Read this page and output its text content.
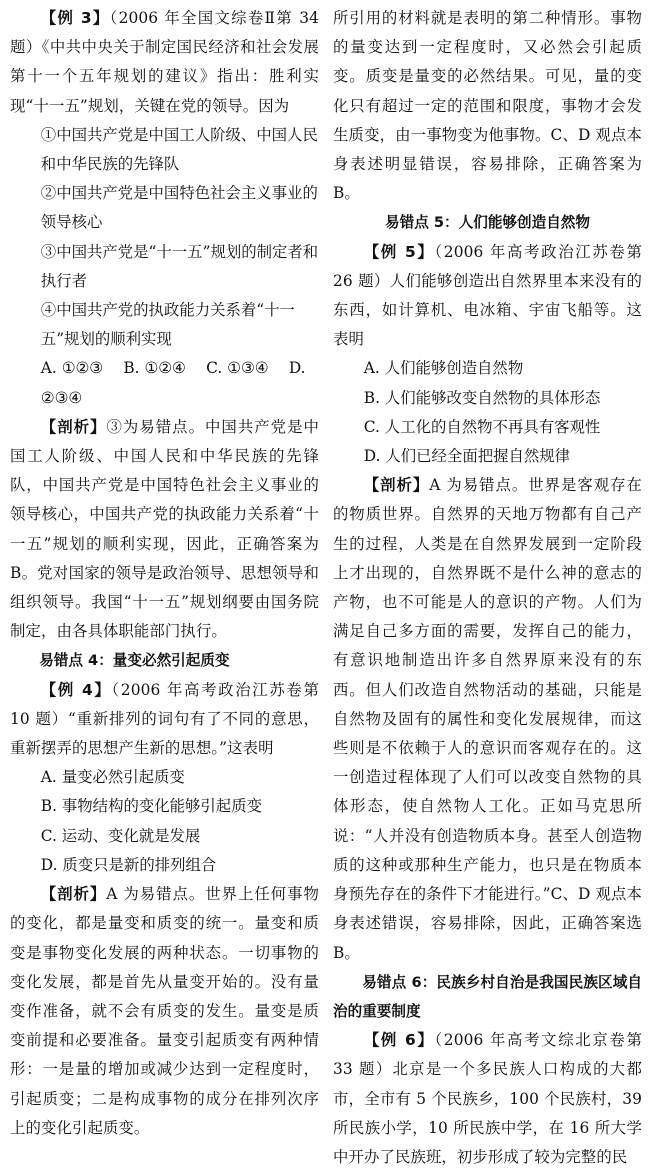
【例 3】（2006 年全国文综卷Ⅱ第 34 题）《中共中央关于制定国民经济和社会发展第十一个五年规划的建议》指出：胜利实现“十一五”规划，关键在党的领导。因为

①中国共产党是中国工人阶级、中国人民和中华民族的先锋队

②中国共产党是中国特色社会主义事业的领导核心

③中国共产党是“十一五”规划的制定者和执行者

④中国共产党的执政能力关系着“十一五”规划的顺利实现

A. ①②③　 B. ①②④　 C. ①③④　 D. ②③④

【剖析】③为易错点。中国共产党是中国工人阶级、中国人民和中华民族的先锋队，中国共产党是中国特色社会主义事业的领导核心，中国共产党的执政能力关系着“十一五”规划的顺利实现，因此，正确答案为 B。党对国家的领导是政治领导、思想领导和组织领导。我国“十一五”规划纲要由国务院制定，由各具体职能部门执行。

易错点 4：量变必然引起质变

【例 4】（2006 年高考政治江苏卷第 10 题）“重新排列的词句有了不同的意思，重新摆弄的思想产生新的思想。”这表明

A. 量变必然引起质变

B. 事物结构的变化能够引起质变

C. 运动、变化就是发展

D. 质变只是新的排列组合

【剖析】A 为易错点。世界上任何事物的变化，都是量变和质变的统一。量变和质变是事物变化发展的两种状态。一切事物的变化发展，都是首先从量变开始的。没有量变作准备，就不会有质变的发生。量变是质变前提和必要准备。量变引起质变有两种情形：一是量的增加或减少达到一定程度时，引起质变；二是构成事物的成分在排列次序上的变化引起质变。

所引用的材料就是表明的第二种情形。事物的量变达到一定程度时，又必然会引起质变。质变是量变的必然结果。可见，量的变化只有超过一定的范围和限度，事物才会发生质变，由一事物变为他事物。C、D 观点本身表述明显错误，容易排除，正确答案为 B。

易错点 5：人们能够创造自然物

【例 5】（2006 年高考政治江苏卷第 26 题）人们能够创造出自然界里本来没有的东西，如计算机、电冰箱、宇宙飞船等。这表明

A. 人们能够创造自然物

B. 人们能够改变自然物的具体形态

C. 人工化的自然物不再具有客观性

D. 人们已经全面把握自然规律

【剖析】A 为易错点。世界是客观存在的物质世界。自然界的天地万物都有自己产生的过程，人类是在自然界发展到一定阶段上才出现的，自然界既不是什么神的意志的产物，也不可能是人的意识的产物。人们为满足自己多方面的需要，发挥自己的能力，有意识地制造出许多自然界原来没有的东西。但人们改造自然物活动的基础，只能是自然物及固有的属性和变化发展规律，而这些则是不依赖于人的意识而客观存在的。这一创造过程体现了人们可以改变自然物的具体形态，使自然物人工化。正如马克思所说：“人并没有创造物质本身。甚至人创造物质的这种或那种生产能力，也只是在物质本身预先存在的条件下才能进行。”C、D 观点本身表述错误，容易排除，因此，正确答案选 B。

易错点 6：民族乡村自治是我国民族区域自治的重要制度

【例 6】（2006 年高考文综北京卷第 33 题）北京是一个多民族人口构成的大都市，全市有 5 个民族乡，100 个民族村，39 所民族小学，10 所民族中学，在 16 所大学中开办了民族班，初步形成了较为完整的民
